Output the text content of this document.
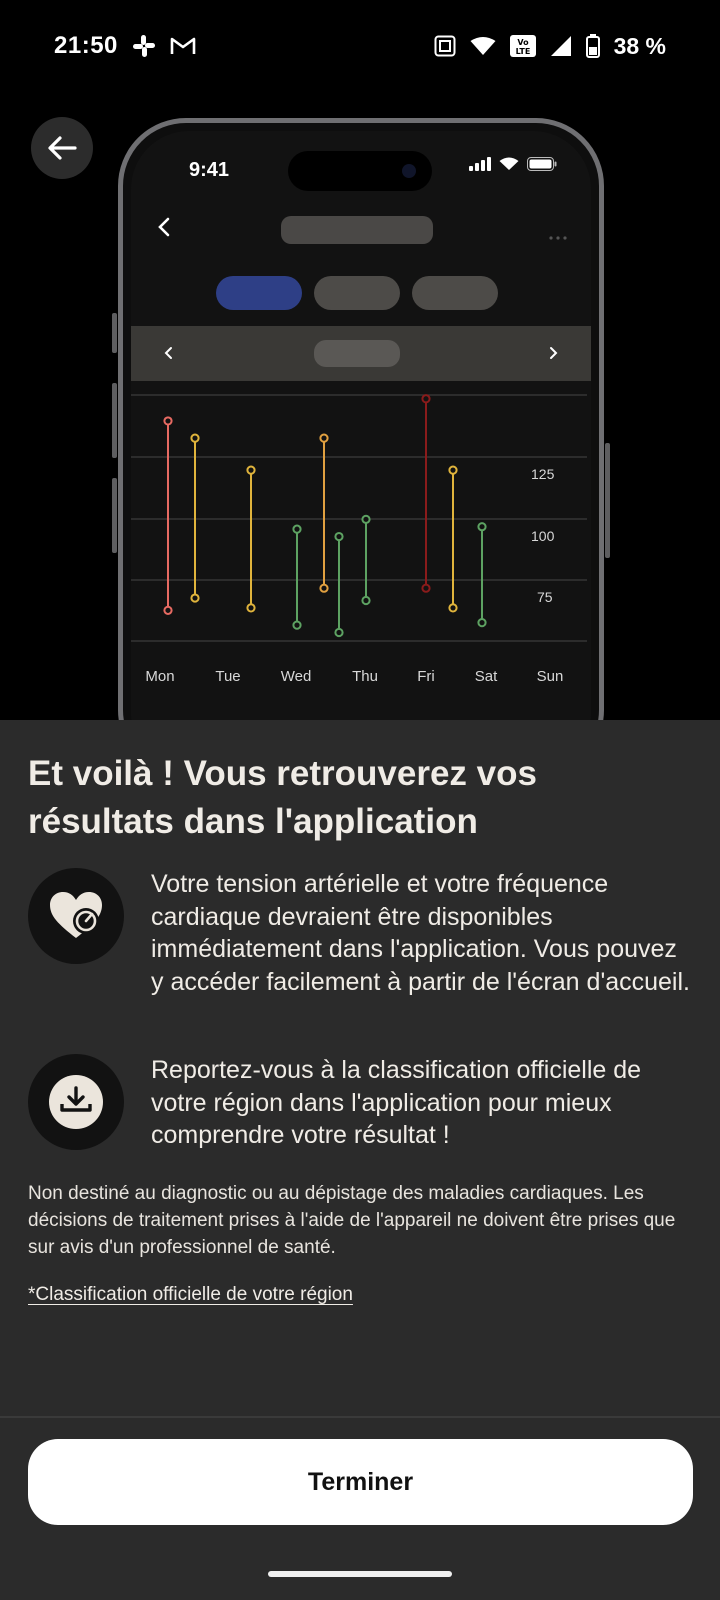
21:50	Vo
LTE	38 %
9:41
125
100
75
Mon	Tue	Wed	Thu	Fri	Sat	Sun
Et voilà ! Vous retrouverez vos résultats dans l'application
Votre tension artérielle et votre fréquence cardiaque devraient être disponibles immédiatement dans l'application. Vous pouvez y accéder facilement à partir de l'écran d'accueil.
Reportez-vous à la classification officielle de votre région dans l'application pour mieux comprendre votre résultat !
Non destiné au diagnostic ou au dépistage des maladies cardiaques. Les décisions de traitement prises à l'aide de l'appareil ne doivent être prises que sur avis d'un professionnel de santé.
*Classification officielle de votre région
Terminer
